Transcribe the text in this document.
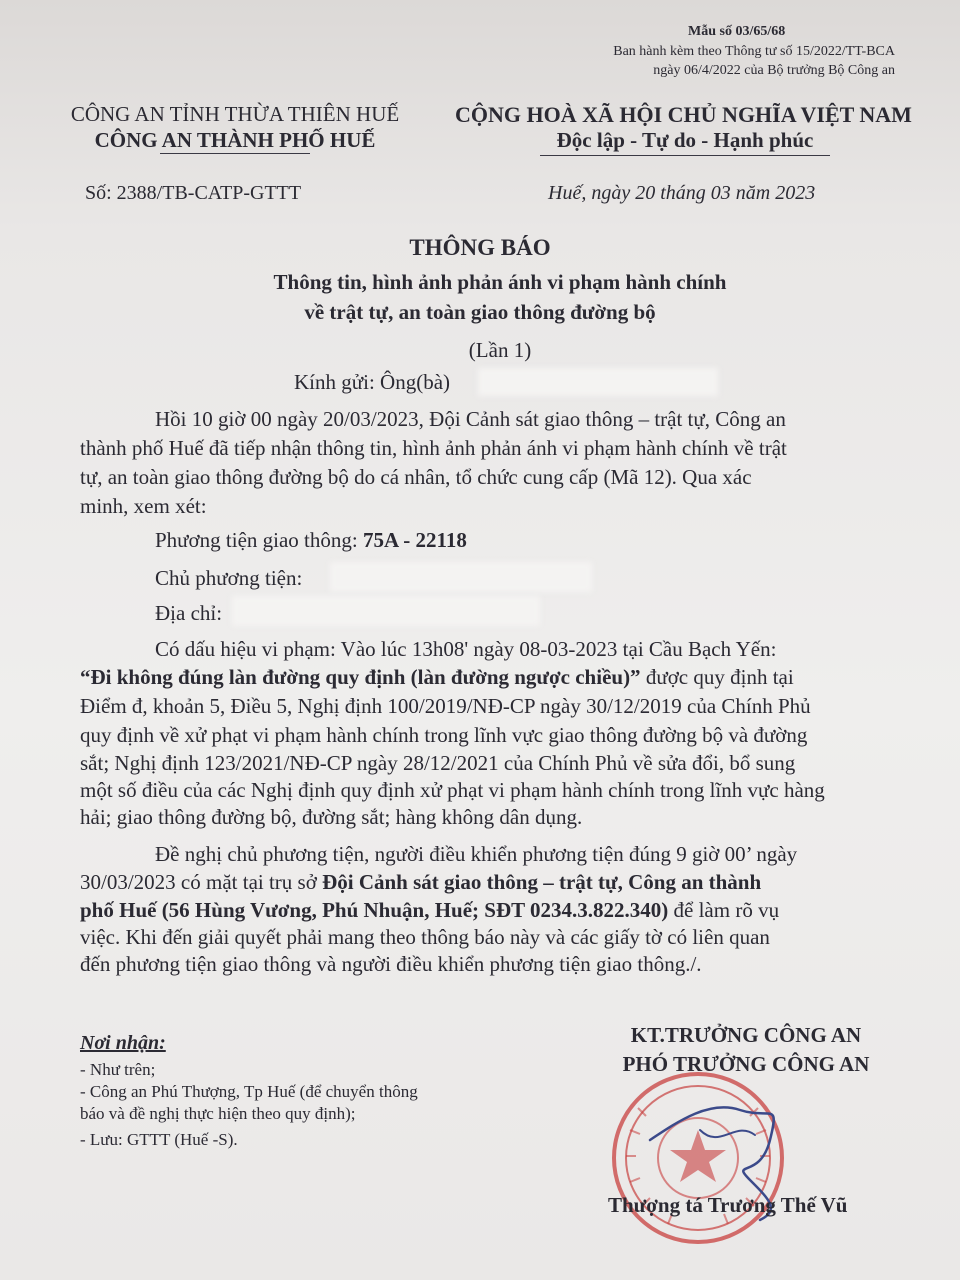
Mẫu số 03/65/68
Ban hành kèm theo Thông tư số 15/2022/TT-BCA
ngày 06/4/2022 của Bộ trưởng Bộ Công an
CÔNG AN TỈNH THỪA THIÊN HUẾ
CÔNG AN THÀNH PHỐ HUẾ
CỘNG HOÀ XÃ HỘI CHỦ NGHĨA VIỆT NAM
Độc lập - Tự do - Hạnh phúc
Số: 2388/TB-CATP-GTTT	Huế, ngày 20 tháng 03 năm 2023
THÔNG BÁO
Thông tin, hình ảnh phản ánh vi phạm hành chính
về trật tự, an toàn giao thông đường bộ
(Lần 1)
Kính gửi: Ông(bà)
Hồi 10 giờ 00 ngày 20/03/2023, Đội Cảnh sát giao thông – trật tự, Công an
thành phố Huế đã tiếp nhận thông tin, hình ảnh phản ánh vi phạm hành chính về trật
tự, an toàn giao thông đường bộ do cá nhân, tổ chức cung cấp (Mã 12). Qua xác
minh, xem xét:
Phương tiện giao thông: 75A - 22118
Chủ phương tiện:
Địa chỉ:
Có dấu hiệu vi phạm: Vào lúc 13h08' ngày 08-03-2023 tại Cầu Bạch Yến:
“Đi không đúng làn đường quy định (làn đường ngược chiều)” được quy định tại
Điểm đ, khoản 5, Điều 5, Nghị định 100/2019/NĐ-CP ngày 30/12/2019 của Chính Phủ
quy định về xử phạt vi phạm hành chính trong lĩnh vực giao thông đường bộ và đường
sắt; Nghị định 123/2021/NĐ-CP ngày 28/12/2021 của Chính Phủ về sửa đổi, bổ sung
một số điều của các Nghị định quy định xử phạt vi phạm hành chính trong lĩnh vực hàng
hải; giao thông đường bộ, đường sắt; hàng không dân dụng.
Đề nghị chủ phương tiện, người điều khiển phương tiện đúng 9 giờ 00’ ngày
30/03/2023 có mặt tại trụ sở Đội Cảnh sát giao thông – trật tự, Công an thành
phố Huế (56 Hùng Vương, Phú Nhuận, Huế; SĐT 0234.3.822.340) để làm rõ vụ
việc. Khi đến giải quyết phải mang theo thông báo này và các giấy tờ có liên quan
đến phương tiện giao thông và người điều khiển phương tiện giao thông./.
Nơi nhận:
- Như trên;
- Công an Phú Thượng, Tp Huế (để chuyển thông
báo và đề nghị thực hiện theo quy định);
- Lưu: GTTT (Huế -S).
KT.TRƯỞNG CÔNG AN
PHÓ TRƯỞNG CÔNG AN
Thượng tá Trương Thế Vũ
